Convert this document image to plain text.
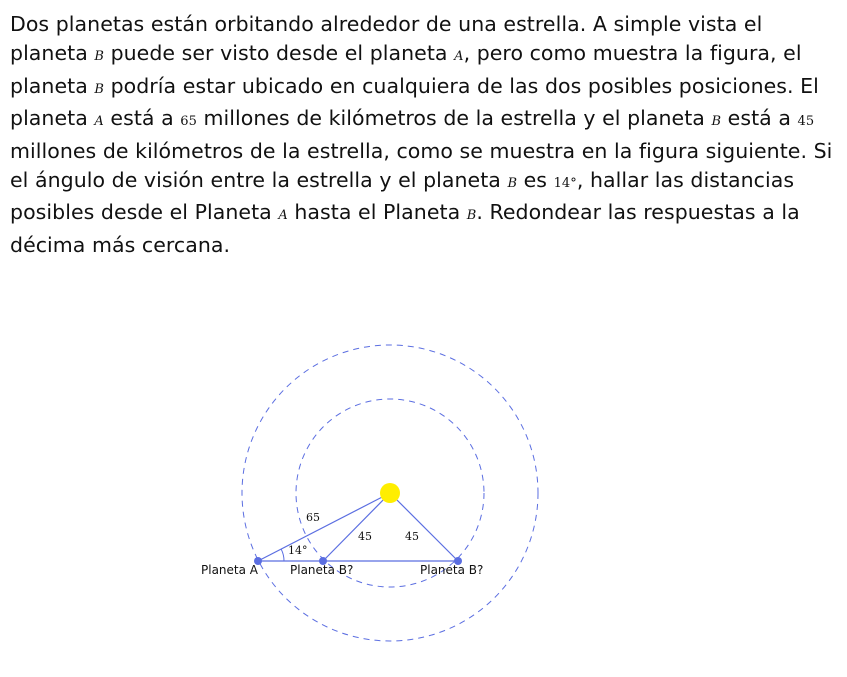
Dos planetas están orbitando alrededor de una estrella. A simple vista el planeta B puede ser visto desde el planeta A, pero como muestra la figura, el planeta B podría estar ubicado en cualquiera de las dos posibles posiciones. El planeta A está a 65 millones de kilómetros de la estrella y el planeta B está a 45 millones de kilómetros de la estrella, como se muestra en la figura siguiente. Si el ángulo de visión entre la estrella y el planeta B es 14°, hallar las distancias posibles desde el Planeta A hasta el Planeta B. Redondear las respuestas a la décima más cercana.

65
45	45
14°
Planeta A	Planeta B?	Planeta B?
